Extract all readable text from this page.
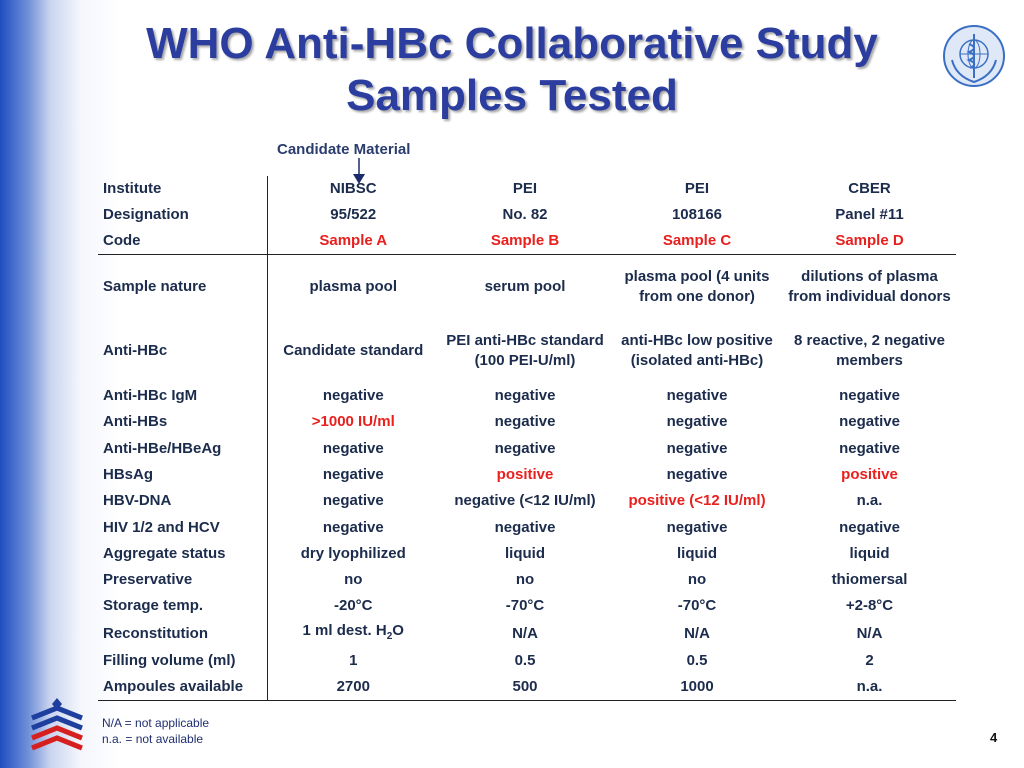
WHO Anti-HBc Collaborative Study
Samples Tested
Candidate Material
Institute	NIBSC	PEI	PEI	CBER
Designation	95/522	No. 82	108166	Panel #11
Code	Sample A	Sample B	Sample C	Sample D
Sample nature	plasma pool	serum pool	plasma pool (4 units from one donor)	dilutions of plasma from individual donors
Anti-HBc	Candidate standard	PEI anti-HBc standard (100 PEI-U/ml)	anti-HBc low positive (isolated anti-HBc)	8 reactive, 2 negative members
Anti-HBc IgM	negative	negative	negative	negative
Anti-HBs	>1000 IU/ml	negative	negative	negative
Anti-HBe/HBeAg	negative	negative	negative	negative
HBsAg	negative	positive	negative	positive
HBV-DNA	negative	negative (<12 IU/ml)	positive (<12 IU/ml)	n.a.
HIV 1/2 and HCV	negative	negative	negative	negative
Aggregate status	dry lyophilized	liquid	liquid	liquid
Preservative	no	no	no	thiomersal
Storage temp.	-20°C	-70°C	-70°C	+2-8°C
Reconstitution	1 ml dest. $H_2O$	N/A	N/A	N/A
Filling volume (ml)	1	0.5	0.5	2
Ampoules available	2700	500	1000	n.a.
N/A = not applicable
n.a. = not available	4
